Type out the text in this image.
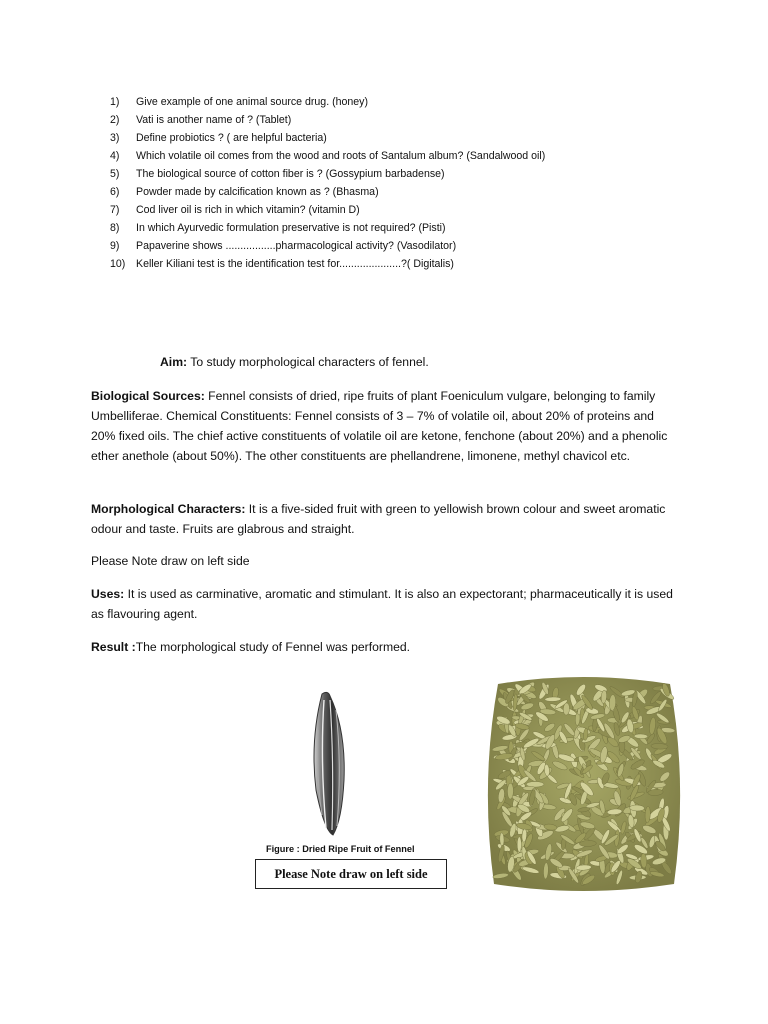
1)	Give example of one animal source drug. (honey)
2)	Vati is another name of ? (Tablet)
3)	Define probiotics ? ( are helpful bacteria)
4)	Which volatile oil comes from the wood and roots of Santalum album? (Sandalwood oil)
5)	The biological source of cotton fiber is ? (Gossypium barbadense)
6)	Powder made by calcification known as ? (Bhasma)
7)	Cod liver oil is rich in which vitamin? (vitamin D)
8)	In which Ayurvedic formulation preservative is not required? (Pisti)
9)	Papaverine shows .................pharmacological activity? (Vasodilator)
10)	Keller Kiliani test is the identification test for.....................?( Digitalis)
Aim: To study morphological characters of fennel.
Biological Sources: Fennel consists of dried, ripe fruits of plant Foeniculum vulgare, belonging to family Umbelliferae. Chemical Constituents: Fennel consists of 3 – 7% of volatile oil, about 20% of proteins and 20% fixed oils. The chief active constituents of volatile oil are ketone, fenchone (about 20%) and a phenolic ether anethole (about 50%). The other constituents are phellandrene, limonene, methyl chavicol etc.
Morphological Characters: It is a five-sided fruit with green to yellowish brown colour and sweet aromatic odour and taste. Fruits are glabrous and straight.
Please Note draw on left side
Uses: It is used as carminative, aromatic and stimulant. It is also an expectorant; pharmaceutically it is used as flavouring agent.
Result :The morphological study of Fennel was performed.
Figure : Dried Ripe Fruit of Fennel
Please Note draw on left side
